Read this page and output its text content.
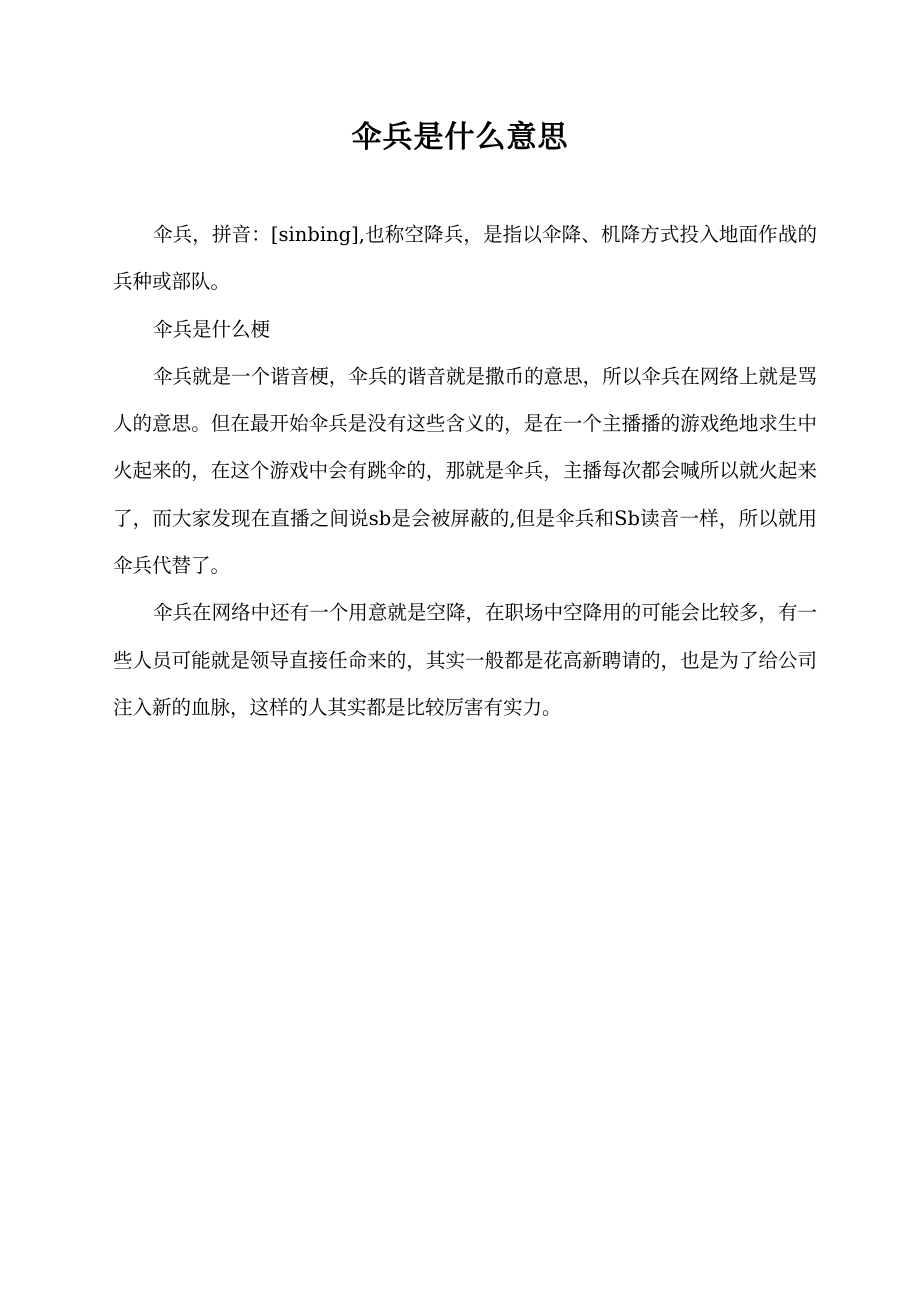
伞兵是什么意思

伞兵，拼音：[sinbing],也称空降兵，是指以伞降、机降方式投入地面作战的兵种或部队。

伞兵是什么梗

伞兵就是一个谐音梗，伞兵的谐音就是撒币的意思，所以伞兵在网络上就是骂人的意思。但在最开始伞兵是没有这些含义的，是在一个主播播的游戏绝地求生中火起来的，在这个游戏中会有跳伞的，那就是伞兵，主播每次都会喊所以就火起来了，而大家发现在直播之间说sb是会被屏蔽的,但是伞兵和Sb读音一样，所以就用伞兵代替了。

伞兵在网络中还有一个用意就是空降，在职场中空降用的可能会比较多，有一些人员可能就是领导直接任命来的，其实一般都是花高新聘请的，也是为了给公司注入新的血脉，这样的人其实都是比较厉害有实力。
